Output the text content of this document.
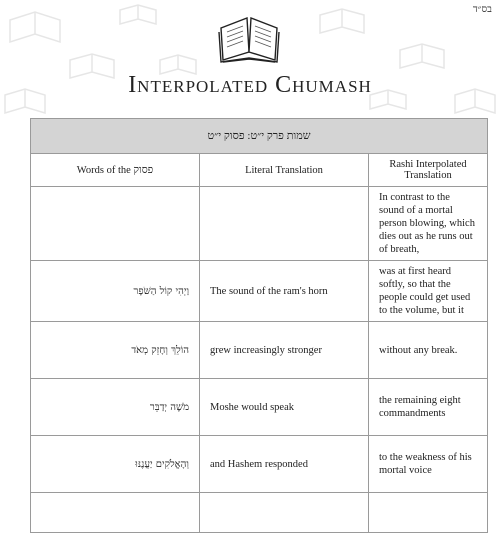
בס״ד
Interpolated Chumash
שמות פרק י״ט: פסוק י״ט		
Words of the פסוק	Literal Translation	Rashi Interpolated Translation
		In contrast to the sound of a mortal person blowing, which dies out as he runs out of breath,
וַיְהִי קוֹל הַשֹּׁפָר	The sound of the ram's horn	was at first heard softly, so that the people could get used to the volume, but it
הוֹלֵךְ וְחָזֵק מְאֹד	grew increasingly stronger	without any break.
מֹשֶׁה יְדַבֵּר	Moshe would speak	the remaining eight commandments
וְהָאֱלֹקִים יַעֲנֶנּוּ	and Hashem responded	to the weakness of his mortal voice
